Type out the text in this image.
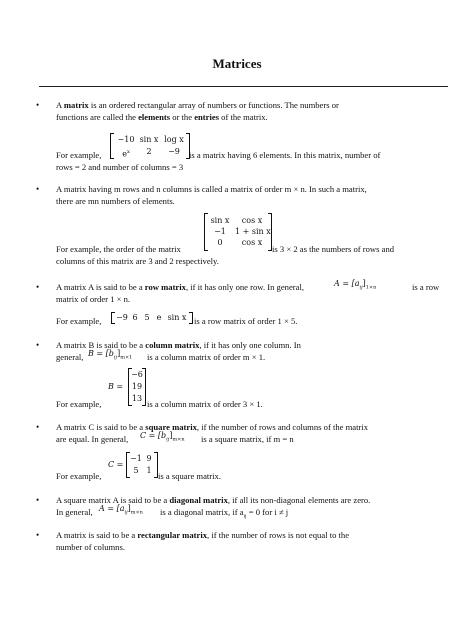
Matrices
• A matrix is an ordered rectangular array of numbers or functions. The numbers or
functions are called the elements or the entries of the matrix.
−10 sin x log x
$e^x$	2	−9
For example,	is a matrix having 6 elements. In this matrix, number of
rows = 2 and number of columns = 3
• A matrix having m rows and n columns is called a matrix of order m × n. In such a matrix,
there are mn numbers of elements.
sin x	cos x
−1	1 + sin x
0	cos x
For example, the order of the matrix	is 3 × 2 as the numbers of rows and
columns of this matrix are 3 and 2 respectively.
• A matrix A is said to be a row matrix, if it has only one row. In general,	$A = [a_{ij}]_{1\times n}$	is a row
matrix of order 1 × n.
For example, −9 6 5 e sin x is a row matrix of order 1 × 5.
• A matrix B is said to be a column matrix, if it has only one column. In
general, $B = [b_{ij}]_{m\times 1}$ is a column matrix of order m × 1.
B =
−6
19
13
For example,	is a column matrix of order 3 × 1.
• A matrix C is said to be a square matrix, if the number of rows and columns of the matrix
are equal. In general, $C = [b_{ij}]_{m\times n}$ is a square matrix, if m = n
C =
−1 9
5 1
For example,	is a square matrix.
• A square matrix A is said to be a diagonal matrix, if all its non-diagonal elements are zero.
In general, $A = [a_{ij}]_{m\times n}$ is a diagonal matrix, if $a_{ij} = 0$ for i ≠ j
• A matrix is said to be a rectangular matrix, if the number of rows is not equal to the
number of columns.
